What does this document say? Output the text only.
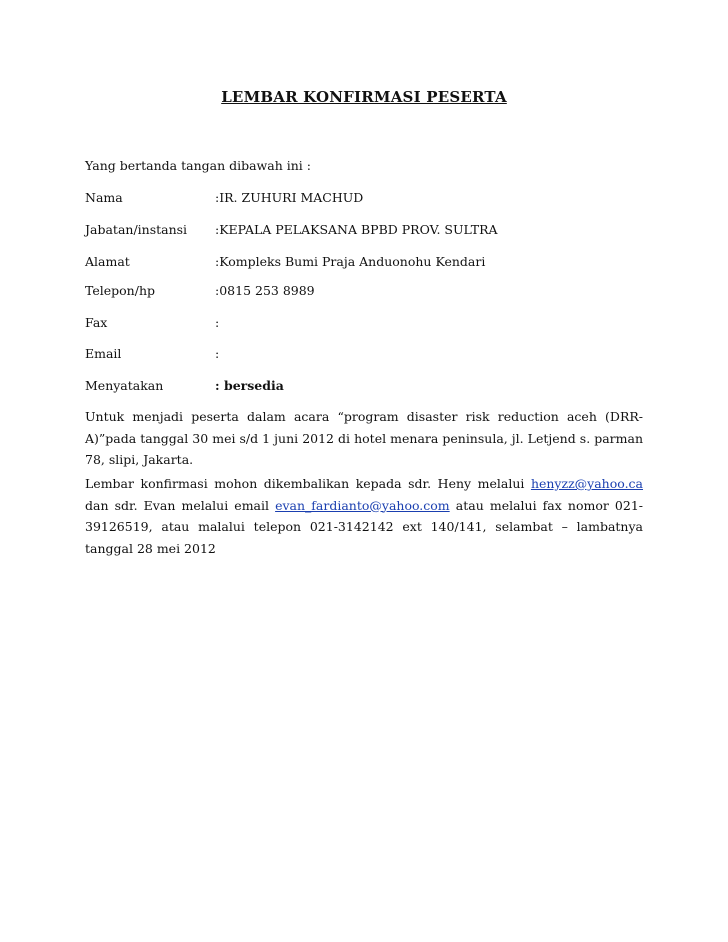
LEMBAR KONFIRMASI PESERTA
Yang bertanda tangan dibawah ini :
Nama	:IR. ZUHURI MACHUD
Jabatan/instansi :KEPALA PELAKSANA BPBD PROV. SULTRA
Alamat	:Kompleks Bumi Praja Anduonohu Kendari
Telepon/hp	:0815 253 8989
Fax	:
Email	:
Menyatakan	: bersedia
Untuk menjadi peserta dalam acara “program disaster risk reduction aceh (DRR-A)”pada tanggal 30 mei s/d 1 juni 2012 di hotel menara peninsula, jl. Letjend s. parman 78, slipi, Jakarta.
Lembar konfirmasi mohon dikembalikan kepada sdr. Heny melalui henyzz@yahoo.ca dan sdr. Evan melalui email evan_fardianto@yahoo.com atau melalui fax nomor 021-39126519, atau malalui telepon 021-3142142 ext 140/141, selambat – lambatnya tanggal 28 mei 2012
